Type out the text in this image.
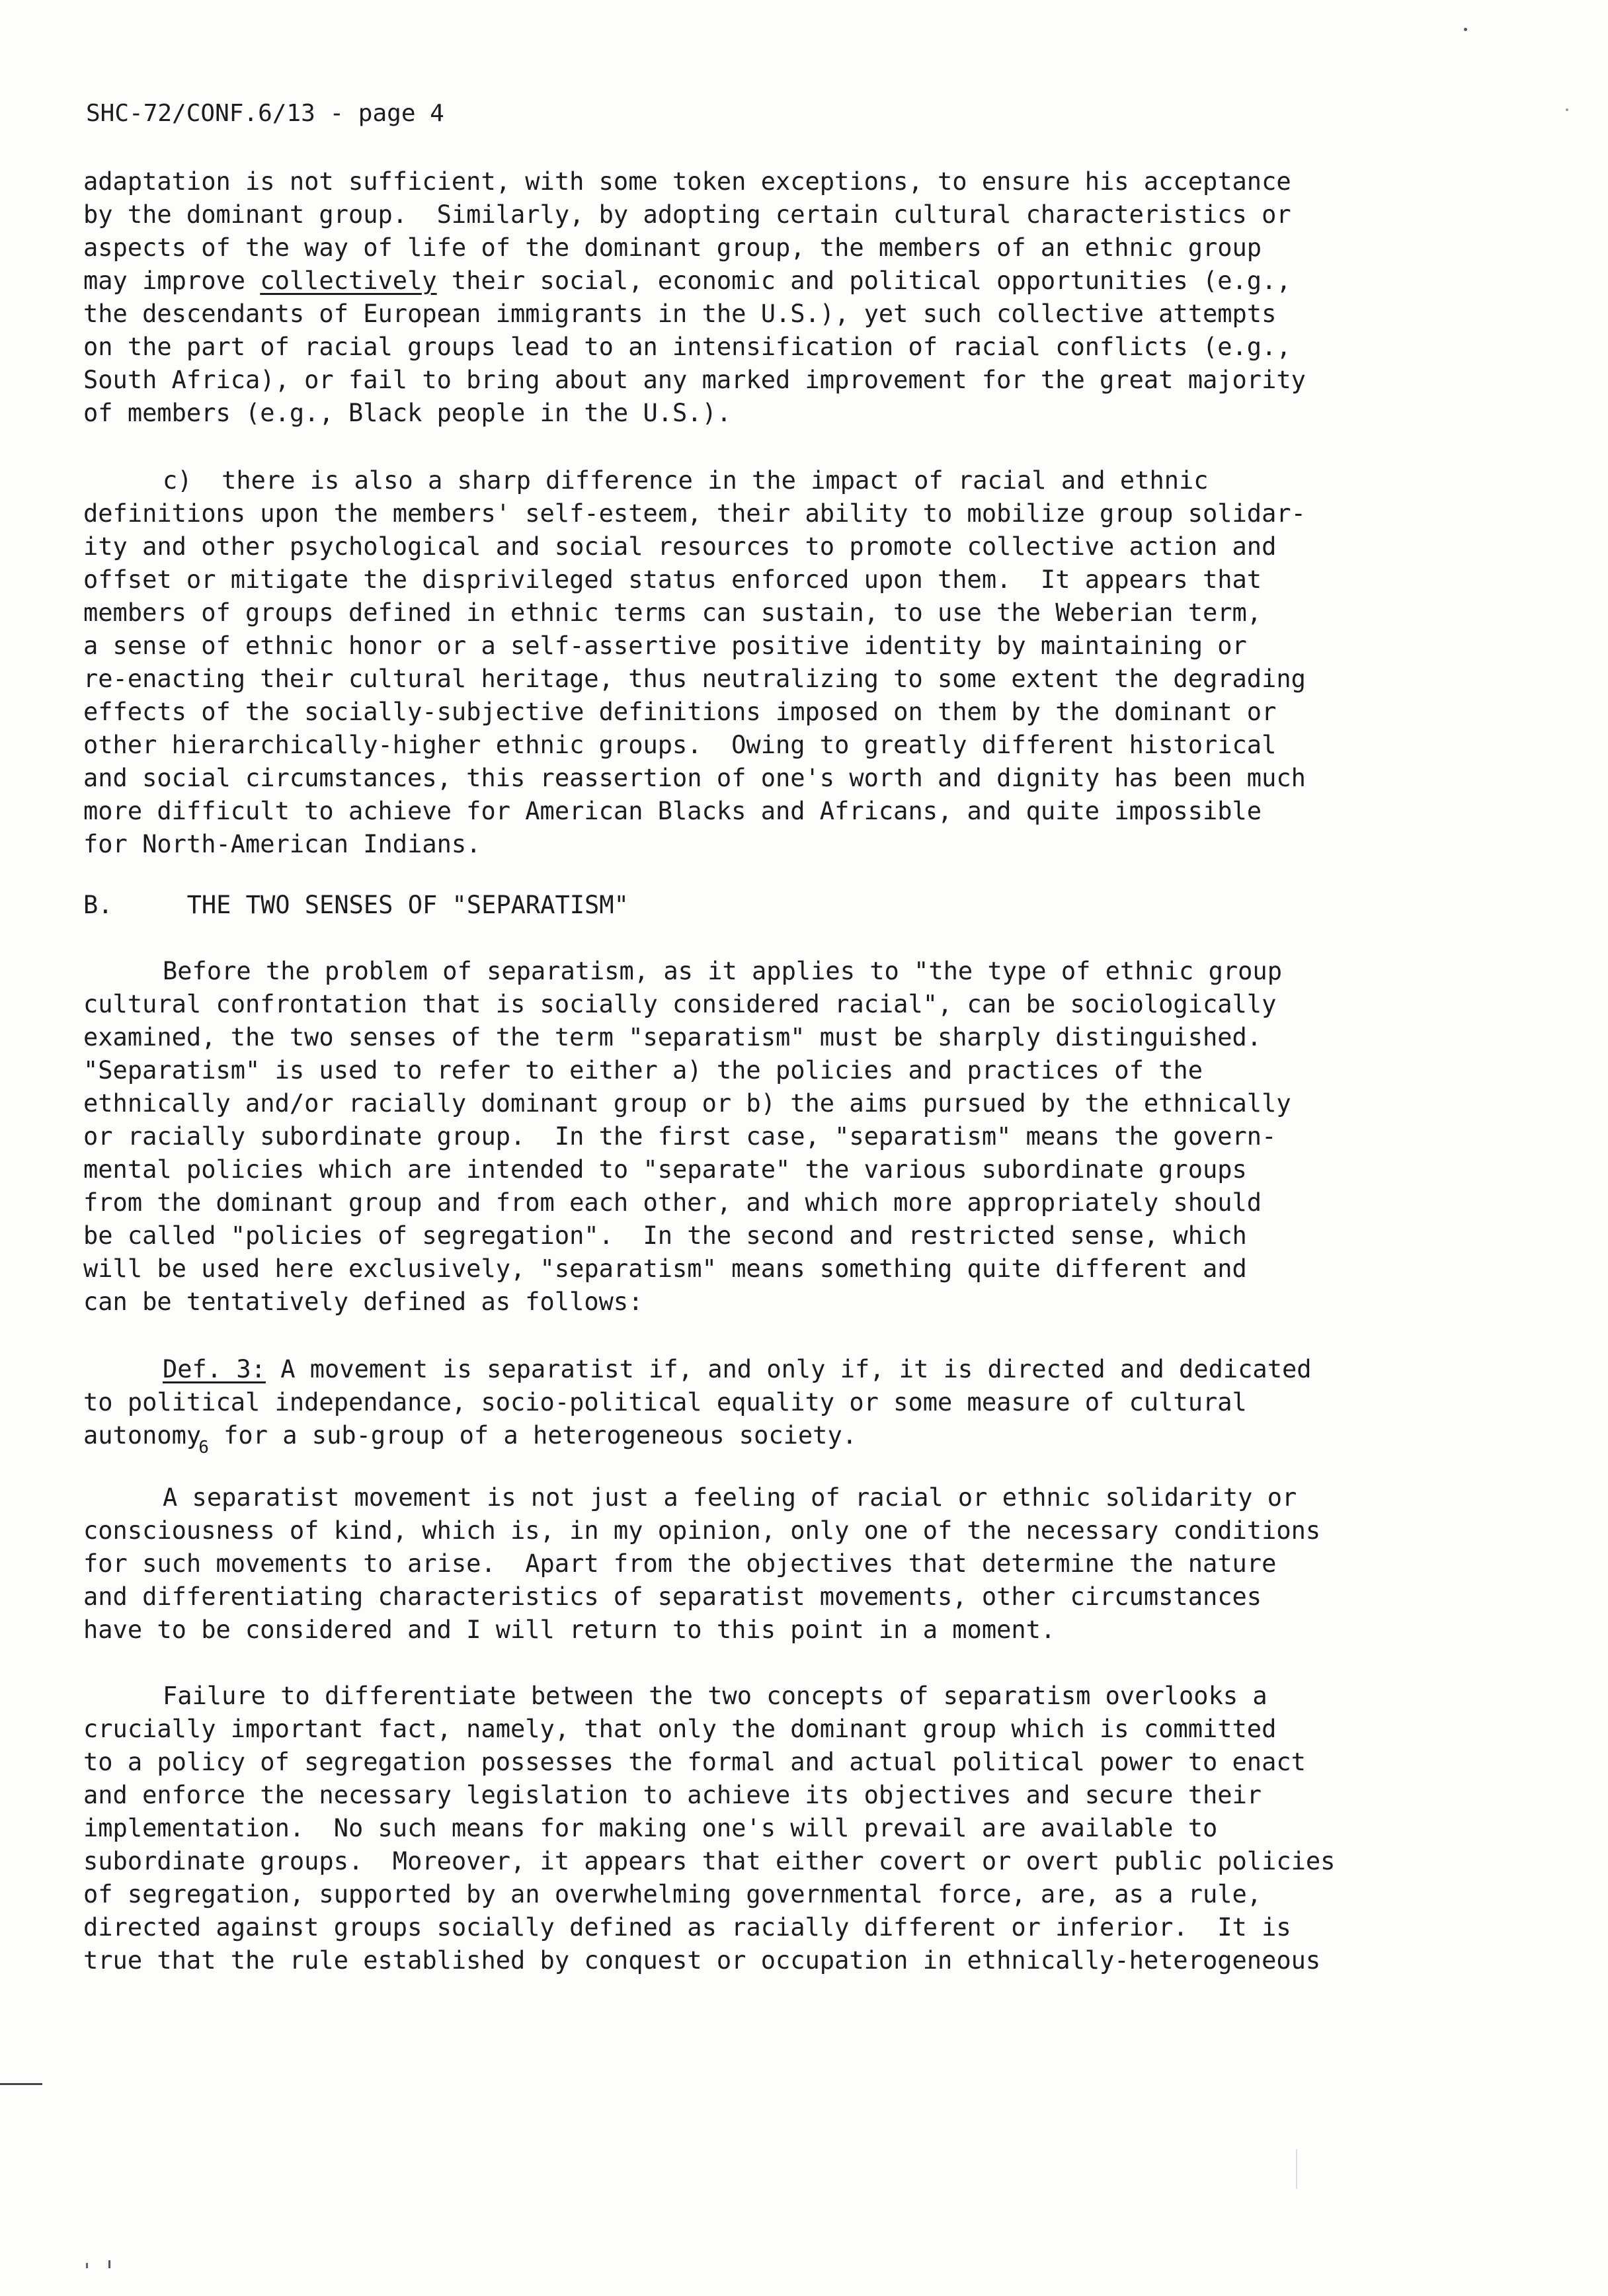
SHC-72/CONF.6/13 - page 4
adaptation is not sufficient, with some token exceptions, to ensure his acceptance
by the dominant group.  Similarly, by adopting certain cultural characteristics or
aspects of the way of life of the dominant group, the members of an ethnic group
may improve collectively their social, economic and political opportunities (e.g.,
the descendants of European immigrants in the U.S.), yet such collective attempts
on the part of racial groups lead to an intensification of racial conflicts (e.g.,
South Africa), or fail to bring about any marked improvement for the great majority
of members (e.g., Black people in the U.S.).
c)  there is also a sharp difference in the impact of racial and ethnic
definitions upon the members' self-esteem, their ability to mobilize group solidar-
ity and other psychological and social resources to promote collective action and
offset or mitigate the disprivileged status enforced upon them.  It appears that
members of groups defined in ethnic terms can sustain, to use the Weberian term,
a sense of ethnic honor or a self-assertive positive identity by maintaining or
re-enacting their cultural heritage, thus neutralizing to some extent the degrading
effects of the socially-subjective definitions imposed on them by the dominant or
other hierarchically-higher ethnic groups.  Owing to greatly different historical
and social circumstances, this reassertion of one's worth and dignity has been much
more difficult to achieve for American Blacks and Africans, and quite impossible
for North-American Indians.
B.	THE TWO SENSES OF "SEPARATISM"
Before the problem of separatism, as it applies to "the type of ethnic group
cultural confrontation that is socially considered racial", can be sociologically
examined, the two senses of the term "separatism" must be sharply distinguished.
"Separatism" is used to refer to either a) the policies and practices of the
ethnically and/or racially dominant group or b) the aims pursued by the ethnically
or racially subordinate group.  In the first case, "separatism" means the govern-
mental policies which are intended to "separate" the various subordinate groups
from the dominant group and from each other, and which more appropriately should
be called "policies of segregation".  In the second and restricted sense, which
will be used here exclusively, "separatism" means something quite different and
can be tentatively defined as follows:
Def. 3: A movement is separatist if, and only if, it is directed and dedicated
to political independance, socio-political equality or some measure of cultural
autonomy$_6$ for a sub-group of a heterogeneous society.
A separatist movement is not just a feeling of racial or ethnic solidarity or
consciousness of kind, which is, in my opinion, only one of the necessary conditions
for such movements to arise.  Apart from the objectives that determine the nature
and differentiating characteristics of separatist movements, other circumstances
have to be considered and I will return to this point in a moment.
Failure to differentiate between the two concepts of separatism overlooks a
crucially important fact, namely, that only the dominant group which is committed
to a policy of segregation possesses the formal and actual political power to enact
and enforce the necessary legislation to achieve its objectives and secure their
implementation.  No such means for making one's will prevail are available to
subordinate groups.  Moreover, it appears that either covert or overt public policies
of segregation, supported by an overwhelming governmental force, are, as a rule,
directed against groups socially defined as racially different or inferior.  It is
true that the rule established by conquest or occupation in ethnically-heterogeneous
